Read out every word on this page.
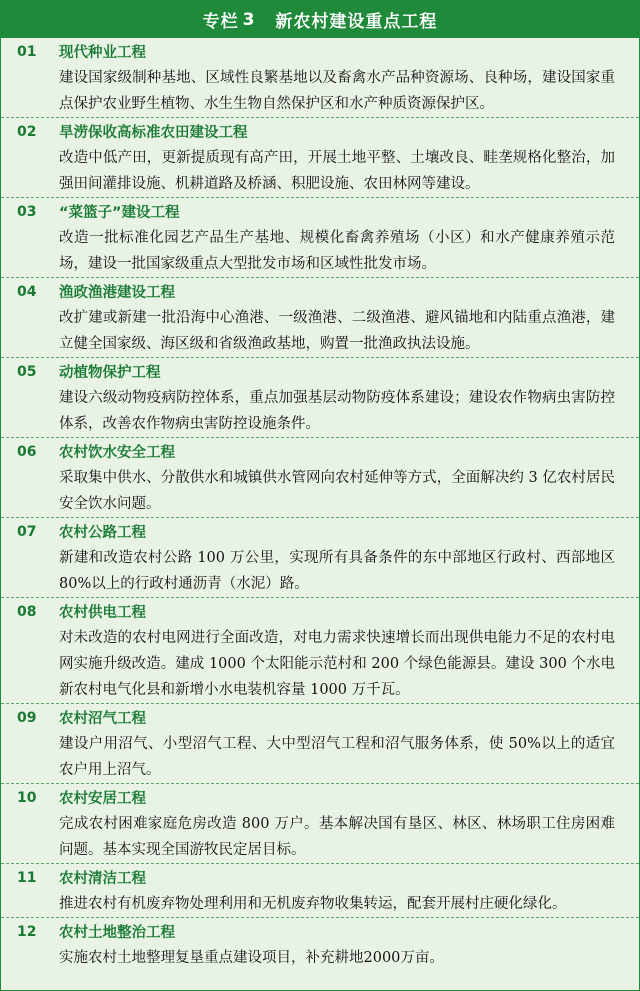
专栏 3 新农村建设重点工程
01	现代种业工程
建设国家级制种基地、区域性良繁基地以及畜禽水产品种资源场、良种场，建设国家重点保护农业野生植物、水生生物自然保护区和水产种质资源保护区。
02	旱涝保收高标准农田建设工程
改造中低产田，更新提质现有高产田，开展土地平整、土壤改良、畦垄规格化整治，加强田间灌排设施、机耕道路及桥涵、积肥设施、农田林网等建设。
03	“菜篮子”建设工程
改造一批标准化园艺产品生产基地、规模化畜禽养殖场（小区）和水产健康养殖示范场，建设一批国家级重点大型批发市场和区域性批发市场。
04	渔政渔港建设工程
改扩建或新建一批沿海中心渔港、一级渔港、二级渔港、避风锚地和内陆重点渔港，建立健全国家级、海区级和省级渔政基地，购置一批渔政执法设施。
05	动植物保护工程
建设六级动物疫病防控体系，重点加强基层动物防疫体系建设；建设农作物病虫害防控体系，改善农作物病虫害防控设施条件。
06	农村饮水安全工程
采取集中供水、分散供水和城镇供水管网向农村延伸等方式，全面解决约 3 亿农村居民安全饮水问题。
07	农村公路工程
新建和改造农村公路 100 万公里，实现所有具备条件的东中部地区行政村、西部地区 80%以上的行政村通沥青（水泥）路。
08	农村供电工程
对未改造的农村电网进行全面改造，对电力需求快速增长而出现供电能力不足的农村电网实施升级改造。建成 1000 个太阳能示范村和 200 个绿色能源县。建设 300 个水电新农村电气化县和新增小水电装机容量 1000 万千瓦。
09	农村沼气工程
建设户用沼气、小型沼气工程、大中型沼气工程和沼气服务体系，使 50%以上的适宜农户用上沼气。
10	农村安居工程
完成农村困难家庭危房改造 800 万户。基本解决国有垦区、林区、林场职工住房困难问题。基本实现全国游牧民定居目标。
11	农村清洁工程
推进农村有机废弃物处理利用和无机废弃物收集转运，配套开展村庄硬化绿化。
12	农村土地整治工程
实施农村土地整理复垦重点建设项目，补充耕地2000万亩。
